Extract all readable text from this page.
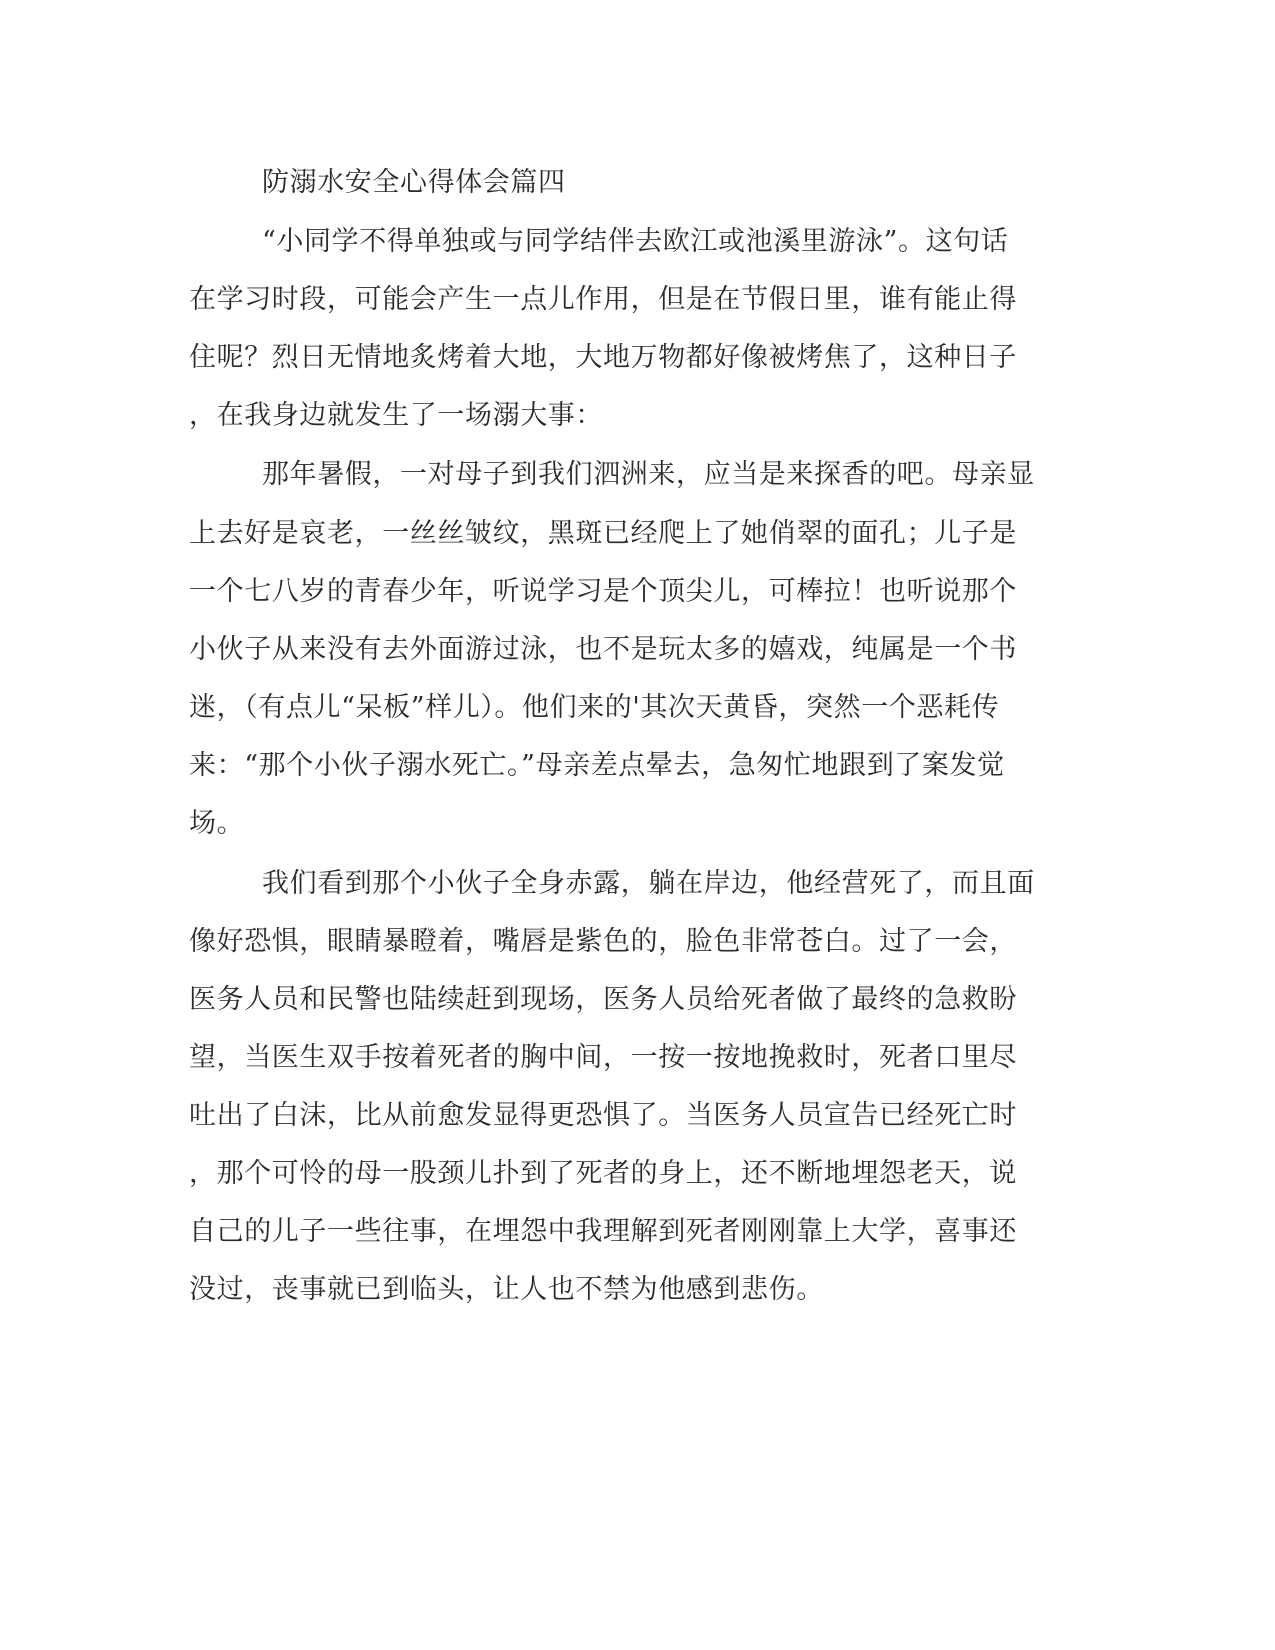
防溺水安全心得体会篇四
“小同学不得单独或与同学结伴去欧江或池溪里游泳”。这句话
在学习时段，可能会产生一点儿作用，但是在节假日里，谁有能止得
住呢？烈日无情地炙烤着大地，大地万物都好像被烤焦了，这种日子
，在我身边就发生了一场溺大事：
那年暑假，一对母子到我们泗洲来，应当是来探香的吧。母亲显
上去好是哀老，一丝丝皱纹，黑斑已经爬上了她俏翠的面孔；儿子是
一个七八岁的青春少年，听说学习是个顶尖儿，可棒拉！也听说那个
小伙子从来没有去外面游过泳，也不是玩太多的嬉戏，纯属是一个书
迷，（有点儿“呆板”样儿）。他们来的'其次天黄昏，突然一个恶耗传
来：“那个小伙子溺水死亡。”母亲差点晕去，急匆忙地跟到了案发觉
场。
我们看到那个小伙子全身赤露，躺在岸边，他经营死了，而且面
像好恐惧，眼睛暴瞪着，嘴唇是紫色的，脸色非常苍白。过了一会，
医务人员和民警也陆续赶到现场，医务人员给死者做了最终的急救盼
望，当医生双手按着死者的胸中间，一按一按地挽救时，死者口里尽
吐出了白沫，比从前愈发显得更恐惧了。当医务人员宣告已经死亡时
，那个可怜的母一股颈儿扑到了死者的身上，还不断地埋怨老天，说
自己的儿子一些往事，在埋怨中我理解到死者刚刚靠上大学，喜事还
没过，丧事就已到临头，让人也不禁为他感到悲伤。
